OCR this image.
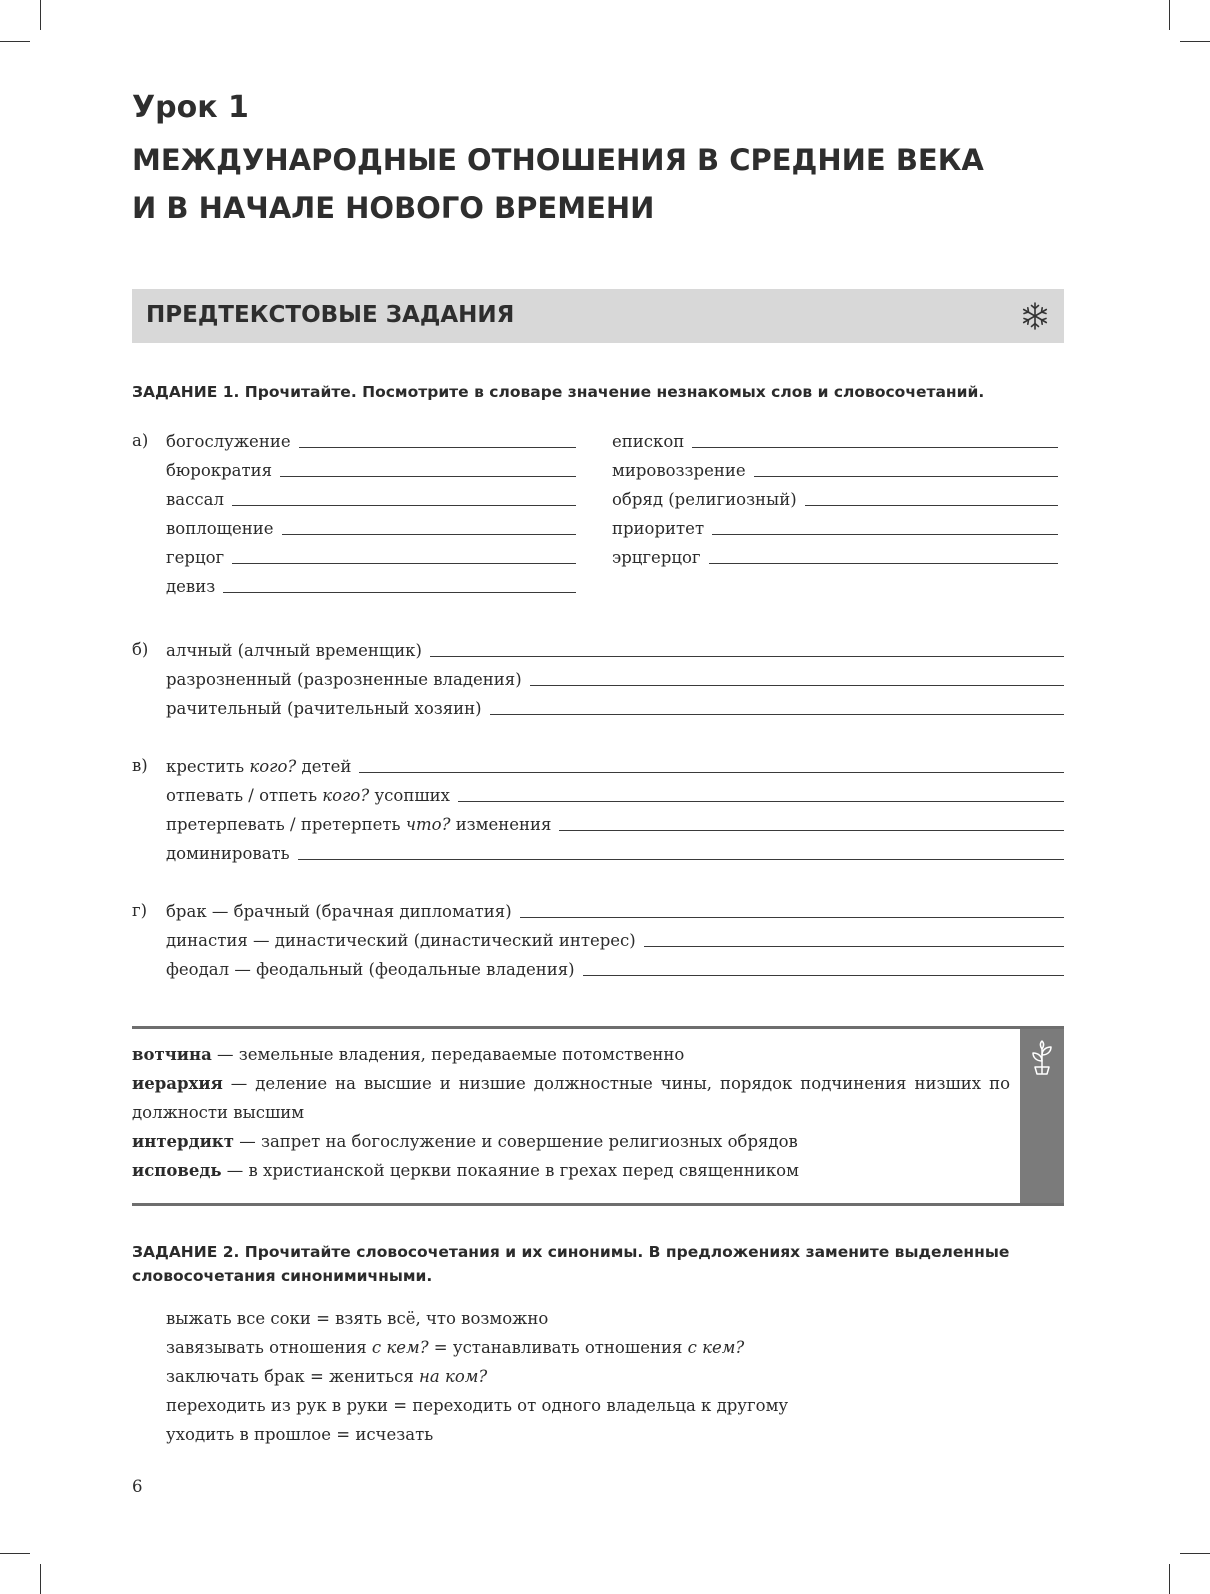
Урок 1
МЕЖДУНАРОДНЫЕ ОТНОШЕНИЯ В СРЕДНИЕ ВЕКА
И В НАЧАЛЕ НОВОГО ВРЕМЕНИ
ПРЕДТЕКСТОВЫЕ ЗАДАНИЯ

ЗАДАНИЕ 1. Прочитайте. Посмотрите в словаре значение незнакомых слов и словосочетаний.

а) богослужение
бюрократия
вассал
воплощение
герцог
девиз
епископ
мировоззрение
обряд (религиозный)
приоритет
эрцгерцог
б) алчный (алчный временщик)
разрозненный (разрозненные владения)
рачительный (рачительный хозяин)
в) крестить кого? детей
отпевать / отпеть кого? усопших
претерпевать / претерпеть что? изменения
доминировать
г) брак — брачный (брачная дипломатия)
династия — династический (династический интерес)
феодал — феодальный (феодальные владения)
вотчина — земельные владения, передаваемые потомственно
иерархия — деление на высшие и низшие должностные чины, порядок подчинения низших по должности высшим
интердикт — запрет на богослужение и совершение религиозных обрядов
исповедь — в христианской церкви покаяние в грехах перед священником

ЗАДАНИЕ 2. Прочитайте словосочетания и их синонимы. В предложениях замените выделенные словосочетания синонимичными.

выжать все соки = взять всё, что возможно
завязывать отношения с кем? = устанавливать отношения с кем?
заключать брак = жениться на ком?
переходить из рук в руки = переходить от одного владельца к другому
уходить в прошлое = исчезать
6
